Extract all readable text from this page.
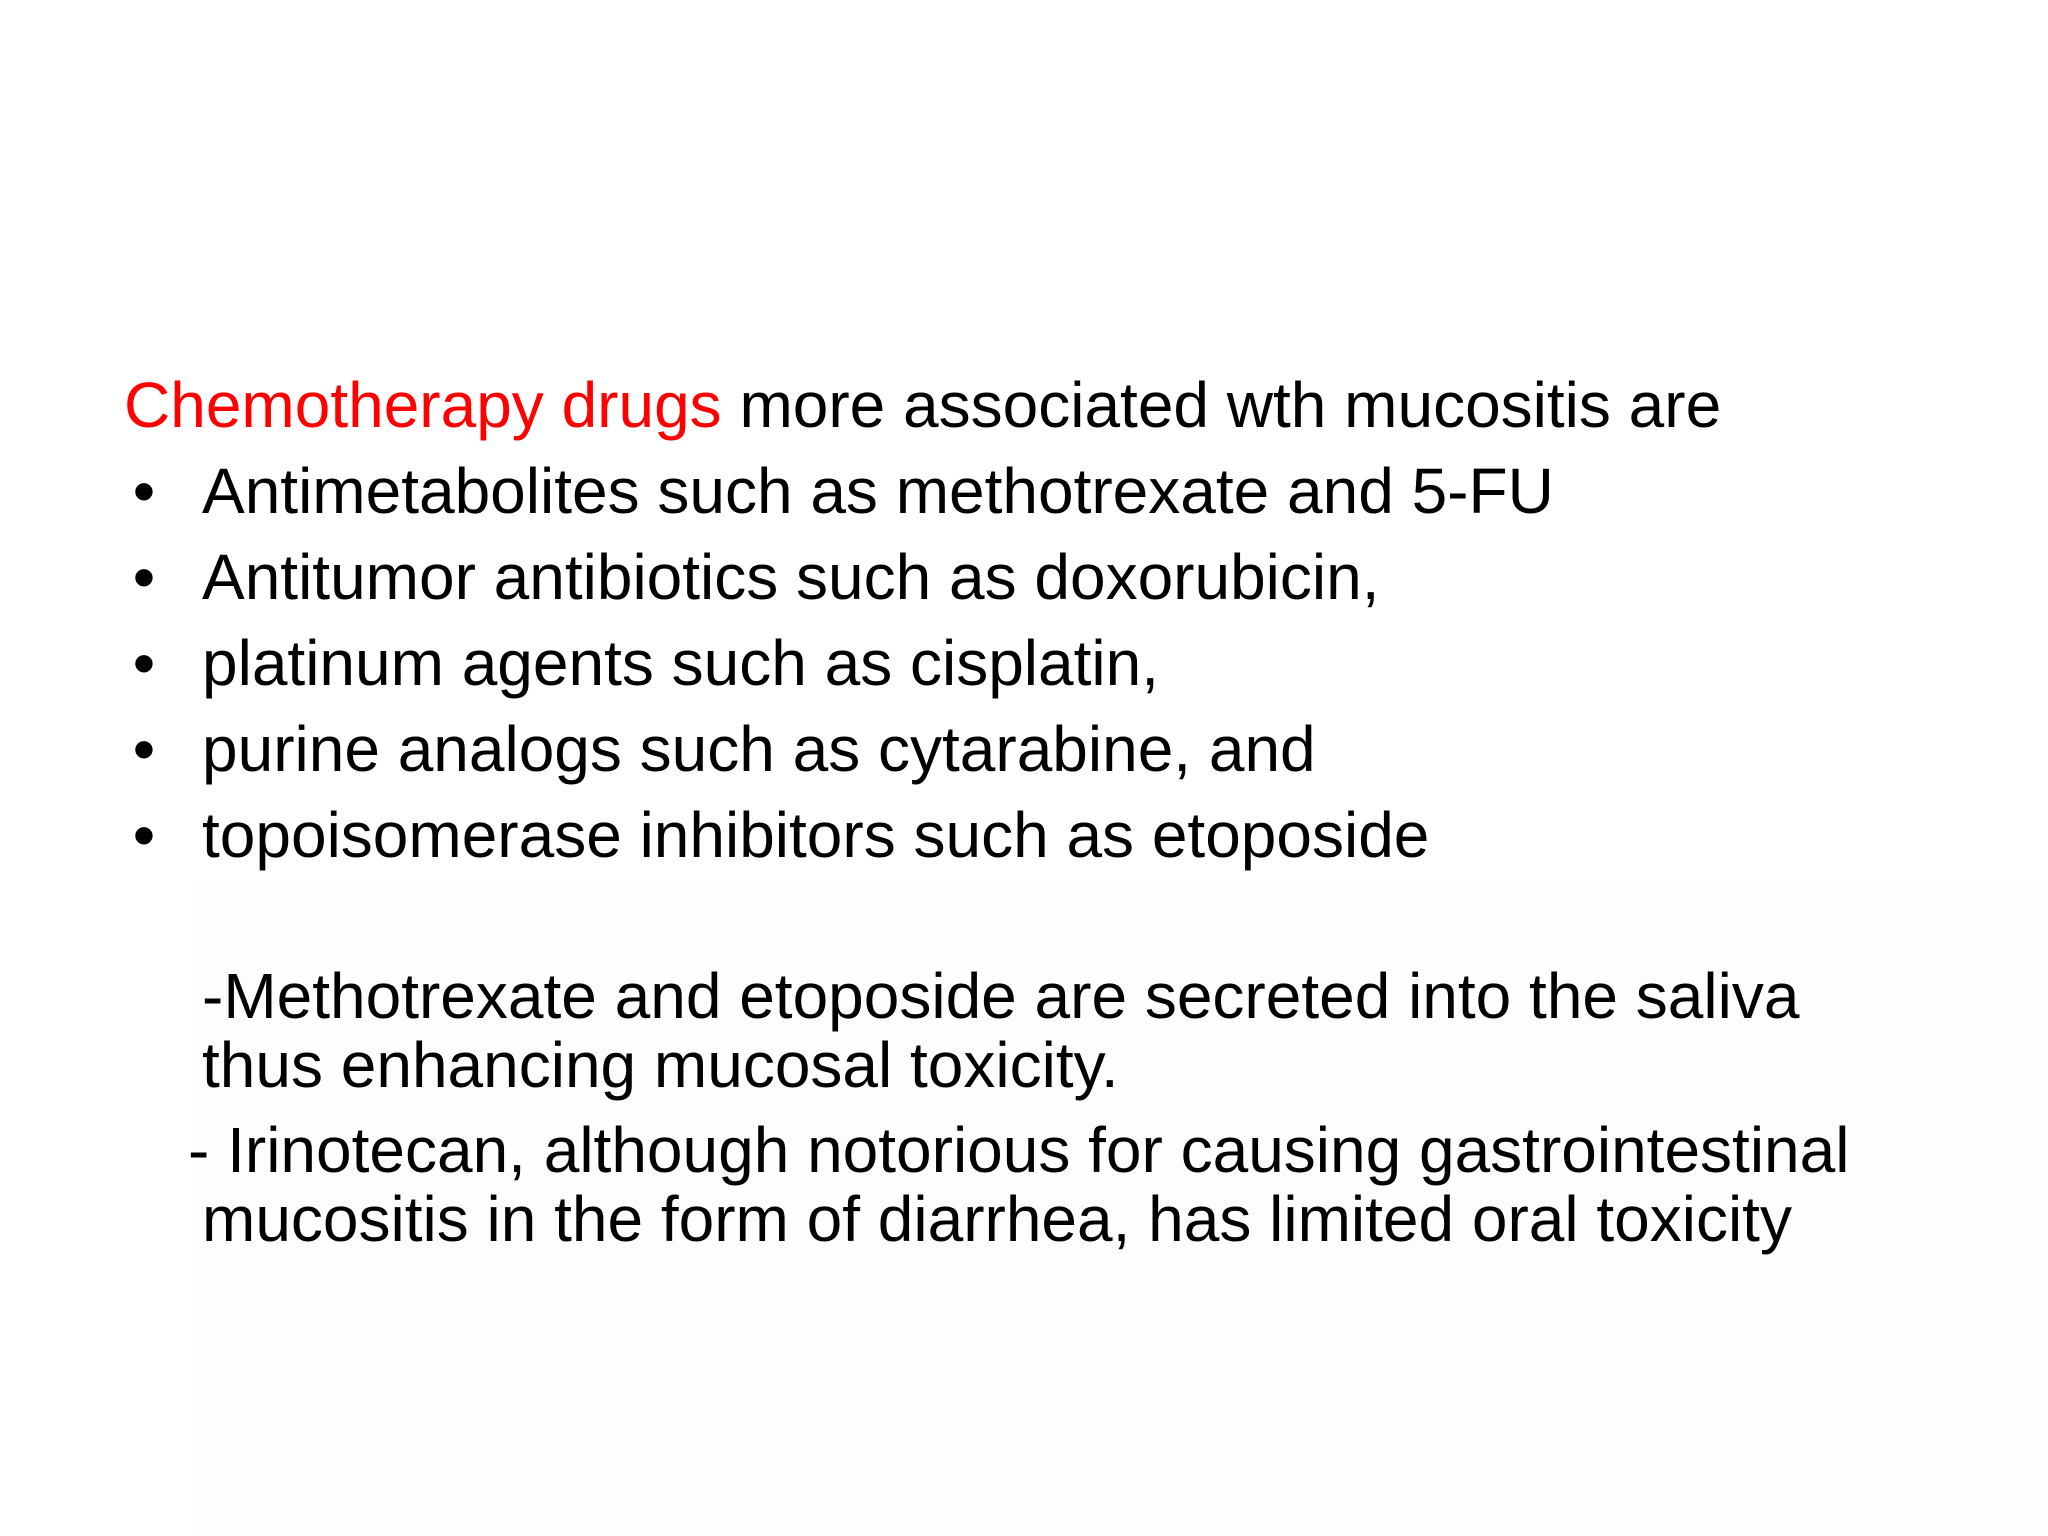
Chemotherapy drugs more associated wth mucositis are

• Antimetabolites such as methotrexate and 5-FU
• Antitumor antibiotics such as doxorubicin,
• platinum agents such as cisplatin,
• purine analogs such as cytarabine, and
• topoisomerase inhibitors such as etoposide
-Methotrexate and etoposide are secreted into the saliva
thus enhancing mucosal toxicity.
- Irinotecan, although notorious for causing gastrointestinal
mucositis in the form of diarrhea, has limited oral toxicity
